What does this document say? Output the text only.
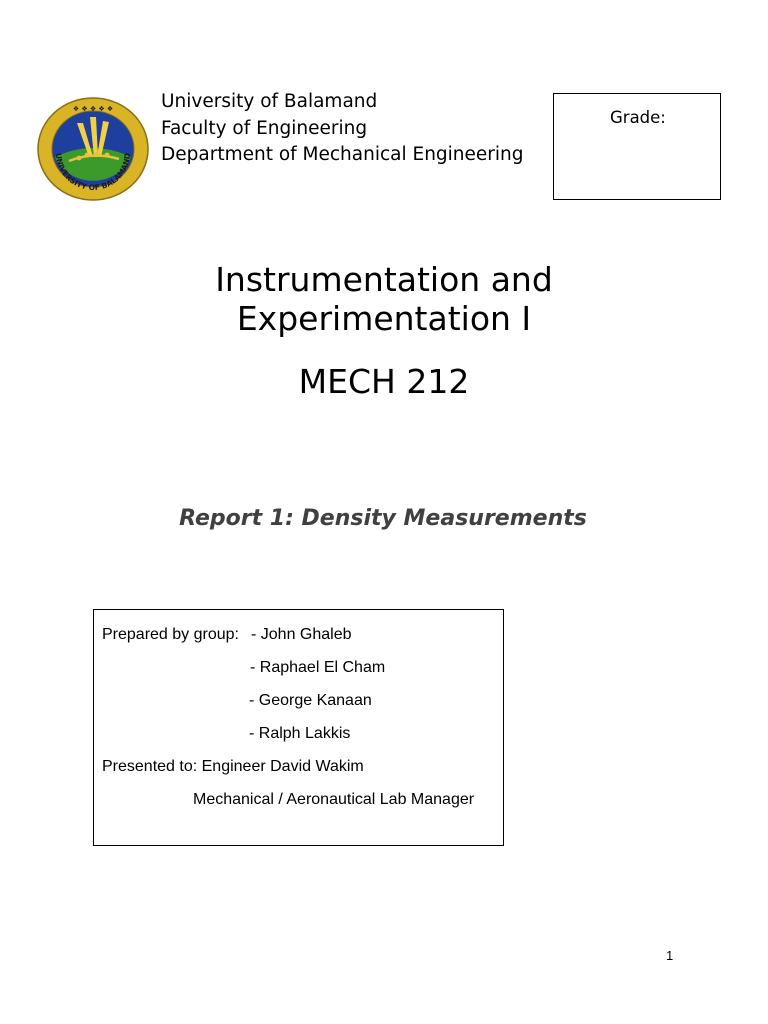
UNIVERSITY OF BALAMAND
❖ ❖ ❖ ❖ ❖	University of Balamand
Faculty of Engineering
Department of Mechanical Engineering
Grade:
Instrumentation and
Experimentation I
MECH 212
Report 1: Density Measurements
Prepared by group: - John Ghaleb
- Raphael El Cham
- George Kanaan
- Ralph Lakkis
Presented to: Engineer David Wakim
Mechanical / Aeronautical Lab Manager
1
